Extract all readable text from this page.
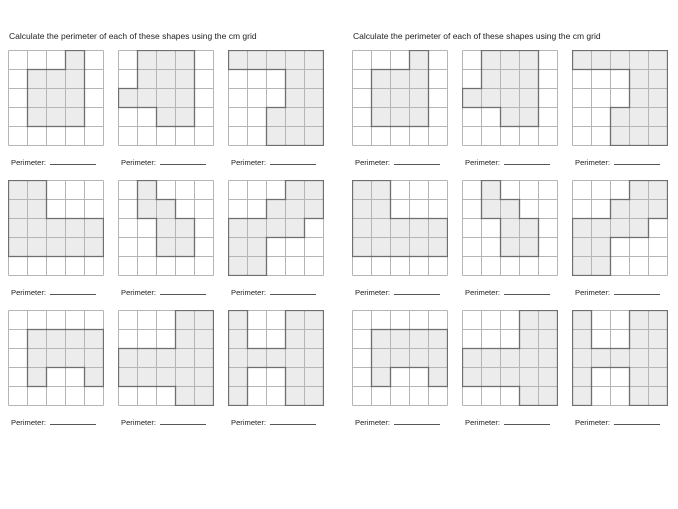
Calculate the perimeter of each of these shapes using the cm grid
Perimeter:	Perimeter:	Perimeter:
Perimeter:	Perimeter:	Perimeter:
Perimeter:	Perimeter:	Perimeter:
Calculate the perimeter of each of these shapes using the cm grid
Perimeter:	Perimeter:	Perimeter:
Perimeter:	Perimeter:	Perimeter:
Perimeter:	Perimeter:	Perimeter:
